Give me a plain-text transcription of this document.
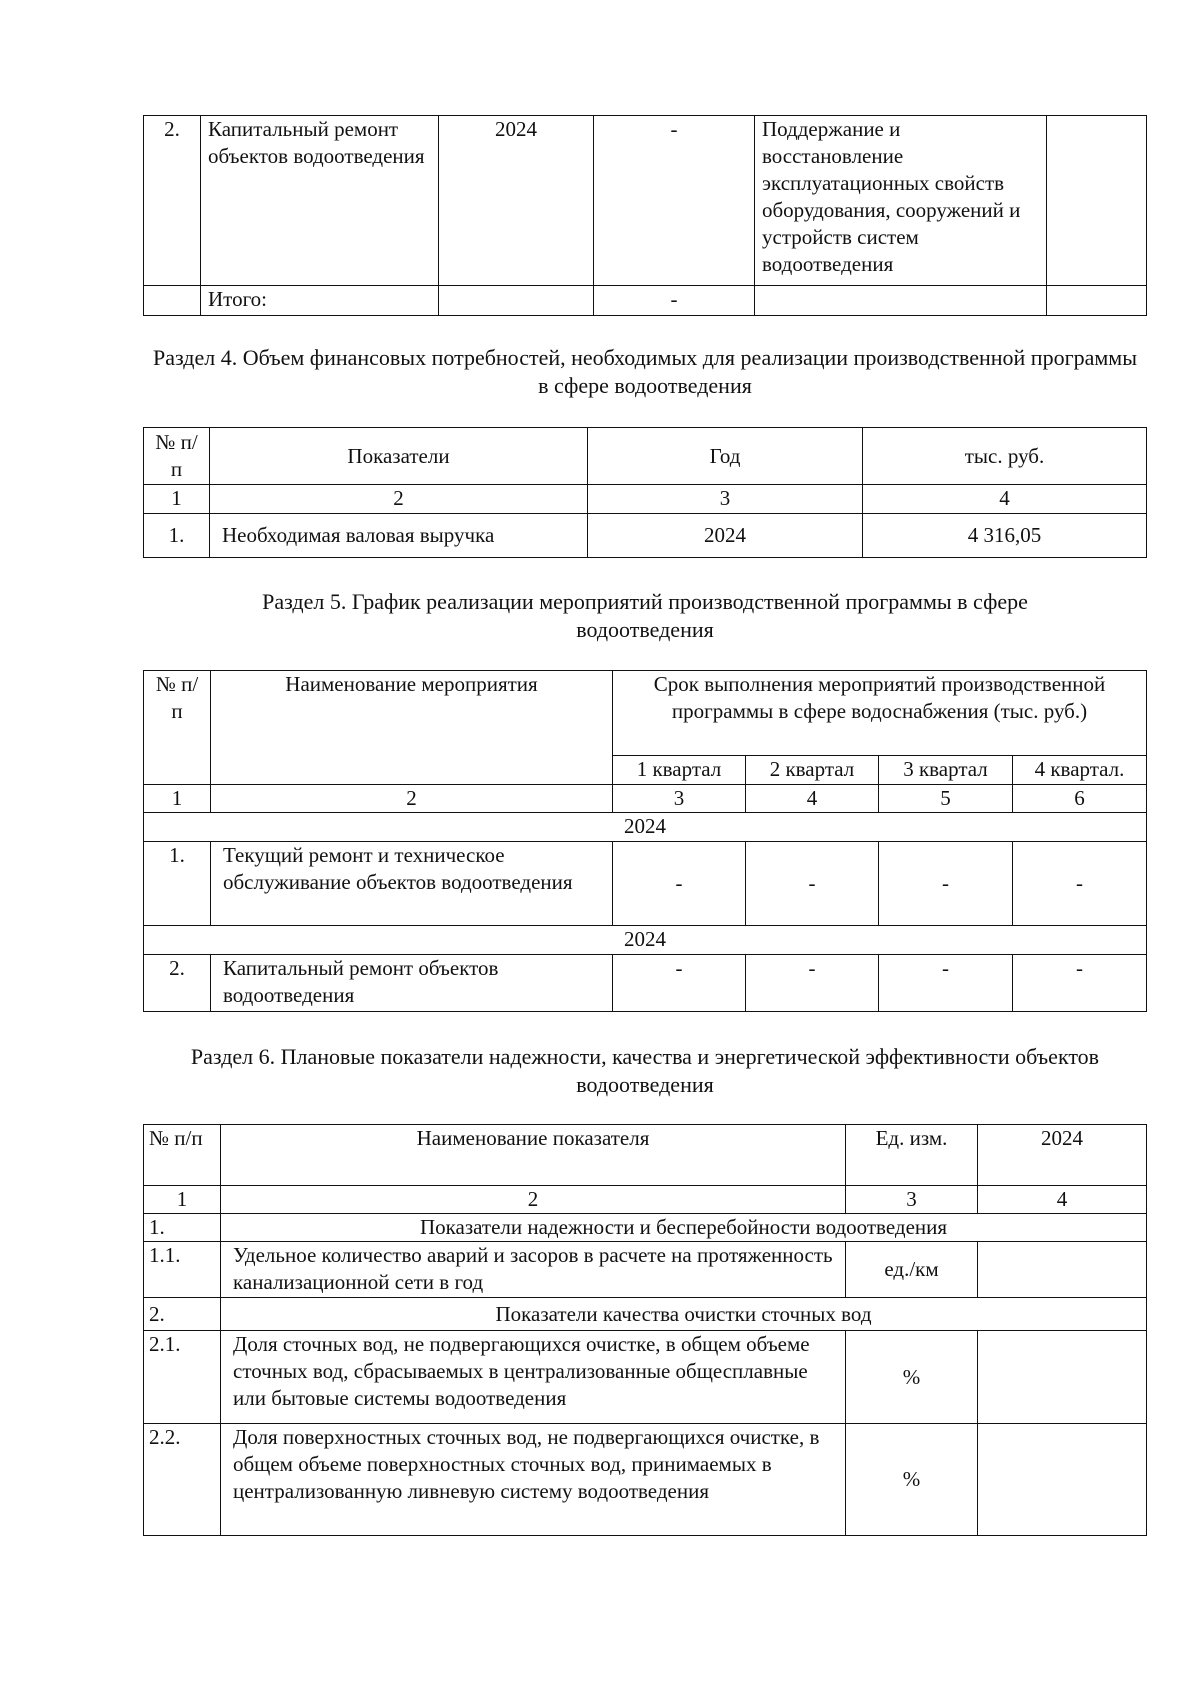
2.	Капитальный ремонт объектов водоотведения	2024	-	Поддержание и восстановление эксплуатационных свойств оборудования, сооружений и устройств систем водоотведения	
	Итого:		-		
Раздел 4. Объем финансовых потребностей, необходимых для реализации производственной программы в сфере водоотведения
№ п/п	Показатели	Год	тыс. руб.
1	2	3	4
1.	Необходимая валовая выручка	2024	4 316,05
Раздел 5. График реализации мероприятий производственной программы в сфере водоотведения
№ п/п	Наименование мероприятия	Срок выполнения мероприятий производственной программы в сфере водоснабжения (тыс. руб.)			
		1 квартал	2 квартал	3 квартал	4 квартал.
1	2	3	4	5	6
2024					
1.	Текущий ремонт и техническое обслуживание объектов водоотведения	-	-	-	-
2024					
2.	Капитальный ремонт объектов водоотведения	-	-	-	-
Раздел 6. Плановые показатели надежности, качества и энергетической эффективности объектов водоотведения
№ п/п	Наименование показателя	Ед. изм.	2024
1	2	3	4
1.	Показатели надежности и бесперебойности водоотведения		
1.1.	Удельное количество аварий и засоров в расчете на протяженность канализационной сети в год	ед./км	
2.	Показатели качества очистки сточных вод		
2.1.	Доля сточных вод, не подвергающихся очистке, в общем объеме сточных вод, сбрасываемых в централизованные общесплавные или бытовые системы водоотведения	%	
2.2.	Доля поверхностных сточных вод, не подвергающихся очистке, в общем объеме поверхностных сточных вод, принимаемых в централизованную ливневую систему водоотведения	%	
